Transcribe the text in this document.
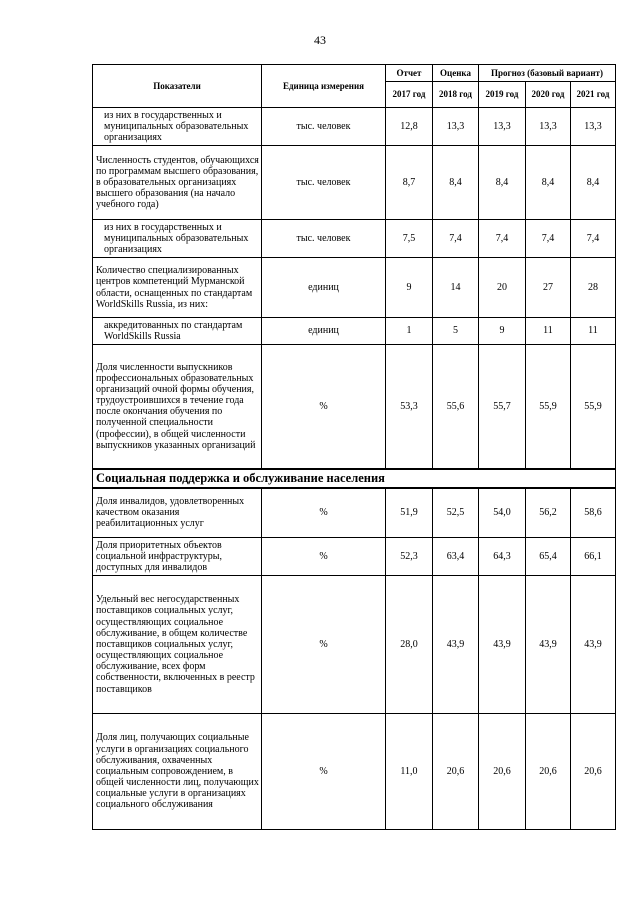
43
Показатели	Единица измерения	Отчет	Оценка	Прогноз (базовый вариант)		
		2017 год	2018 год	2019 год	2020 год	2021 год
из них в государственных и муниципальных образовательных организациях	тыс. человек	12,8	13,3	13,3	13,3	13,3
Численность студентов, обучающихся по программам высшего образования, в образовательных организациях высшего образования (на начало учебного года)	тыс. человек	8,7	8,4	8,4	8,4	8,4
из них в государственных и муниципальных образовательных организациях	тыс. человек	7,5	7,4	7,4	7,4	7,4
Количество специализированных центров компетенций Мурманской области, оснащенных по стандартам WorldSkills Russia, из них:	единиц	9	14	20	27	28
аккредитованных по стандартам WorldSkills Russia	единиц	1	5	9	11	11
Доля численности выпускников профессиональных образовательных организаций очной формы обучения, трудоустроившихся в течение года после окончания обучения по полученной специальности (профессии), в общей численности выпускников указанных организаций	%	53,3	55,6	55,7	55,9	55,9
Социальная поддержка и обслуживание населения						
Доля инвалидов, удовлетворенных качеством оказания реабилитационных услуг	%	51,9	52,5	54,0	56,2	58,6
Доля приоритетных объектов социальной инфраструктуры, доступных для инвалидов	%	52,3	63,4	64,3	65,4	66,1
Удельный вес негосударственных поставщиков социальных услуг, осуществляющих социальное обслуживание, в общем количестве поставщиков социальных услуг, осуществляющих социальное обслуживание, всех форм собственности, включенных в реестр поставщиков	%	28,0	43,9	43,9	43,9	43,9
Доля лиц, получающих социальные услуги в организациях социального обслуживания, охваченных социальным сопровождением, в общей численности лиц, получающих социальные услуги в организациях социального обслуживания	%	11,0	20,6	20,6	20,6	20,6
